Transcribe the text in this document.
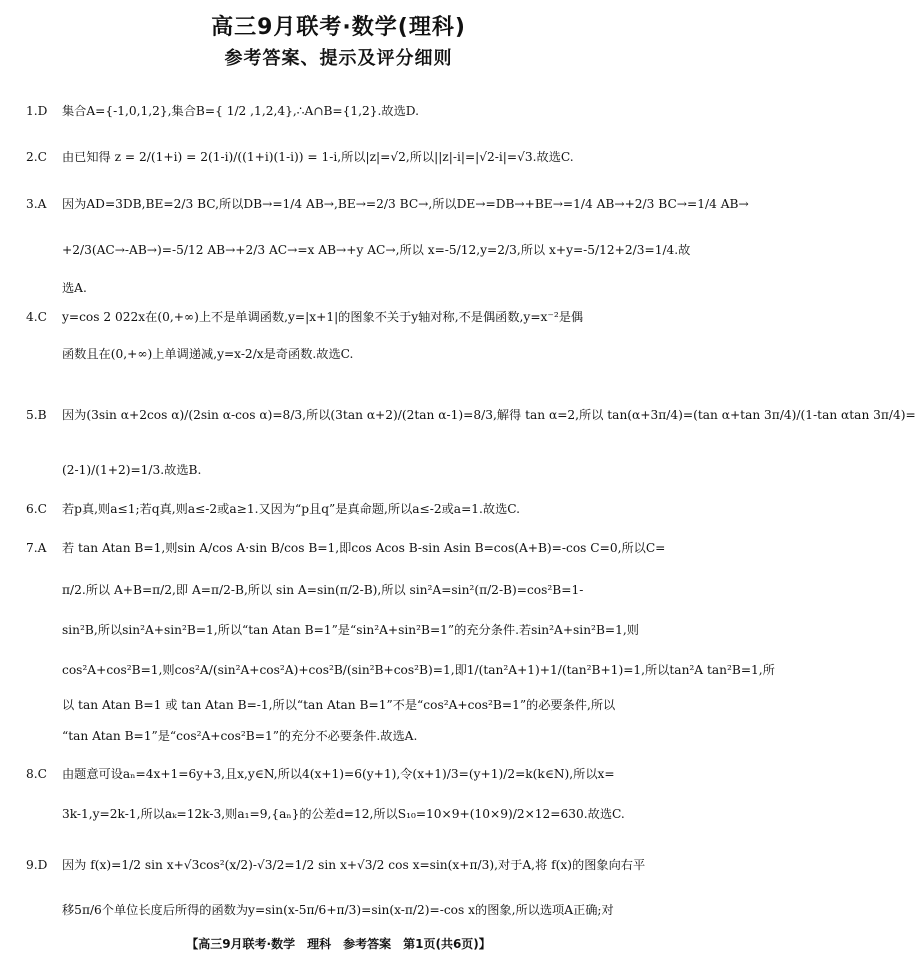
高三9月联考·数学(理科)
参考答案、提示及评分细则
1.D 集合A={-1,0,1,2},集合B={ 1/2 ,1,2,4},∴A∩B={1,2}.故选D.
2.C 由已知得 z = 2/(1+i) = 2(1-i)/((1+i)(1-i)) = 1-i,所以|z|=√2,所以||z|-i|=|√2-i|=√3.故选C.
3.A 因为AD=3DB,BE=2/3 BC,所以DB→=1/4 AB→,BE→=2/3 BC→,所以DE→=DB→+BE→=1/4 AB→+2/3 BC→=1/4 AB→
+2/3(AC→-AB→)=-5/12 AB→+2/3 AC→=x AB→+y AC→,所以 x=-5/12,y=2/3,所以 x+y=-5/12+2/3=1/4.故
选A.
4.C y=cos 2 022x在(0,+∞)上不是单调函数,y=|x+1|的图象不关于y轴对称,不是偶函数,y=x⁻²是偶
函数且在(0,+∞)上单调递减,y=x-2/x是奇函数.故选C.
5.B 因为(3sin α+2cos α)/(2sin α-cos α)=8/3,所以(3tan α+2)/(2tan α-1)=8/3,解得 tan α=2,所以 tan(α+3π/4)=(tan α+tan 3π/4)/(1-tan αtan 3π/4)=
(2-1)/(1+2)=1/3.故选B.
6.C 若p真,则a≤1;若q真,则a≤-2或a≥1.又因为“p且q”是真命题,所以a≤-2或a=1.故选C.
7.A 若 tan Atan B=1,则sin A/cos A·sin B/cos B=1,即cos Acos B-sin Asin B=cos(A+B)=-cos C=0,所以C=
π/2.所以 A+B=π/2,即 A=π/2-B,所以 sin A=sin(π/2-B),所以 sin²A=sin²(π/2-B)=cos²B=1-
sin²B,所以sin²A+sin²B=1,所以“tan Atan B=1”是“sin²A+sin²B=1”的充分条件.若sin²A+sin²B=1,则
cos²A+cos²B=1,则cos²A/(sin²A+cos²A)+cos²B/(sin²B+cos²B)=1,即1/(tan²A+1)+1/(tan²B+1)=1,所以tan²A tan²B=1,所
以 tan Atan B=1 或 tan Atan B=-1,所以“tan Atan B=1”不是“cos²A+cos²B=1”的必要条件,所以
“tan Atan B=1”是“cos²A+cos²B=1”的充分不必要条件.故选A.
8.C 由题意可设aₙ=4x+1=6y+3,且x,y∈N,所以4(x+1)=6(y+1),令(x+1)/3=(y+1)/2=k(k∈N),所以x=
3k-1,y=2k-1,所以aₖ=12k-3,则a₁=9,{aₙ}的公差d=12,所以S₁₀=10×9+(10×9)/2×12=630.故选C.
9.D 因为 f(x)=1/2 sin x+√3cos²(x/2)-√3/2=1/2 sin x+√3/2 cos x=sin(x+π/3),对于A,将 f(x)的图象向右平
移5π/6个单位长度后所得的函数为y=sin(x-5π/6+π/3)=sin(x-π/2)=-cos x的图象,所以选项A正确;对
【高三9月联考·数学　理科　参考答案　第1页(共6页)】
